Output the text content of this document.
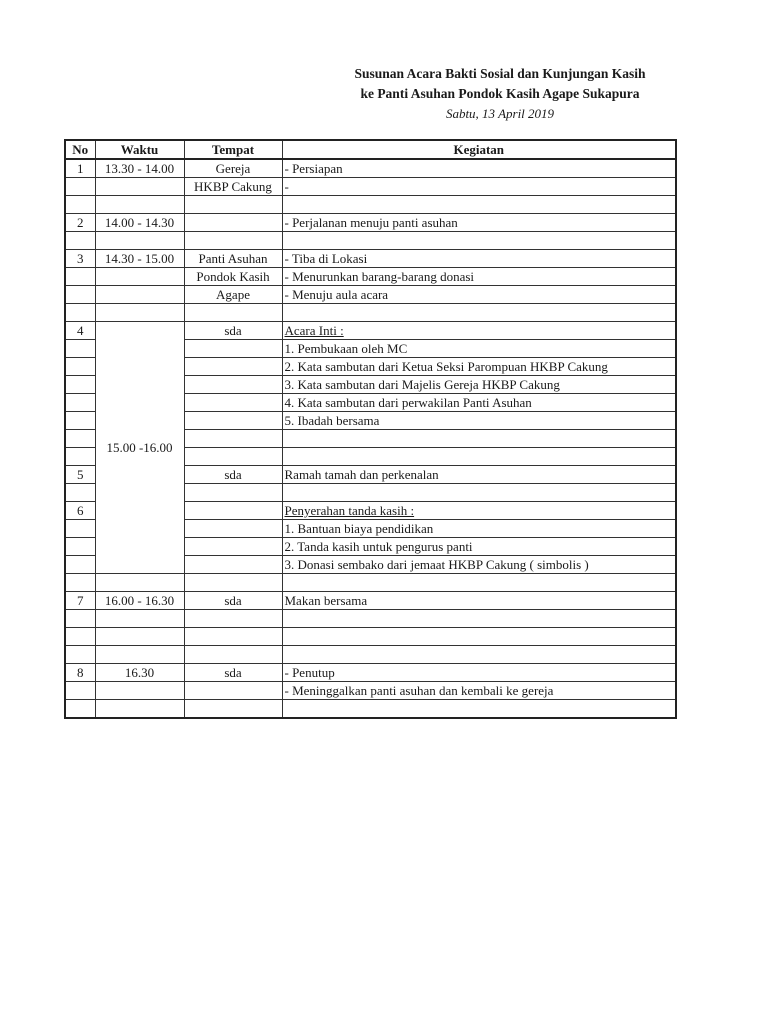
Susunan Acara Bakti Sosial dan Kunjungan Kasih
ke Panti Asuhan Pondok Kasih Agape Sukapura
Sabtu, 13 April 2019
No	Waktu	Tempat	Kegiatan
1	13.30 - 14.00	Gereja	- Persiapan
		HKBP Cakung	-

2	14.00 - 14.30		- Perjalanan menuju panti asuhan

3	14.30 - 15.00	Panti Asuhan	- Tiba di Lokasi
		Pondok Kasih	- Menurunkan barang-barang donasi
		Agape	- Menuju aula acara

4	15.00 -16.00	sda	Acara Inti :
			1. Pembukaan oleh MC
			2. Kata sambutan dari Ketua Seksi Parompuan HKBP Cakung
			3. Kata sambutan dari Majelis Gereja HKBP Cakung
			4. Kata sambutan dari perwakilan Panti Asuhan
			5. Ibadah bersama

5		sda	Ramah tamah dan perkenalan

6			Penyerahan tanda kasih :
			1. Bantuan biaya pendidikan
			2. Tanda kasih untuk pengurus panti
			3. Donasi sembako dari jemaat HKBP Cakung ( simbolis )

7	16.00 - 16.30	sda	Makan bersama

8	16.30	sda	- Penutup
			- Meninggalkan panti asuhan dan kembali ke gereja
